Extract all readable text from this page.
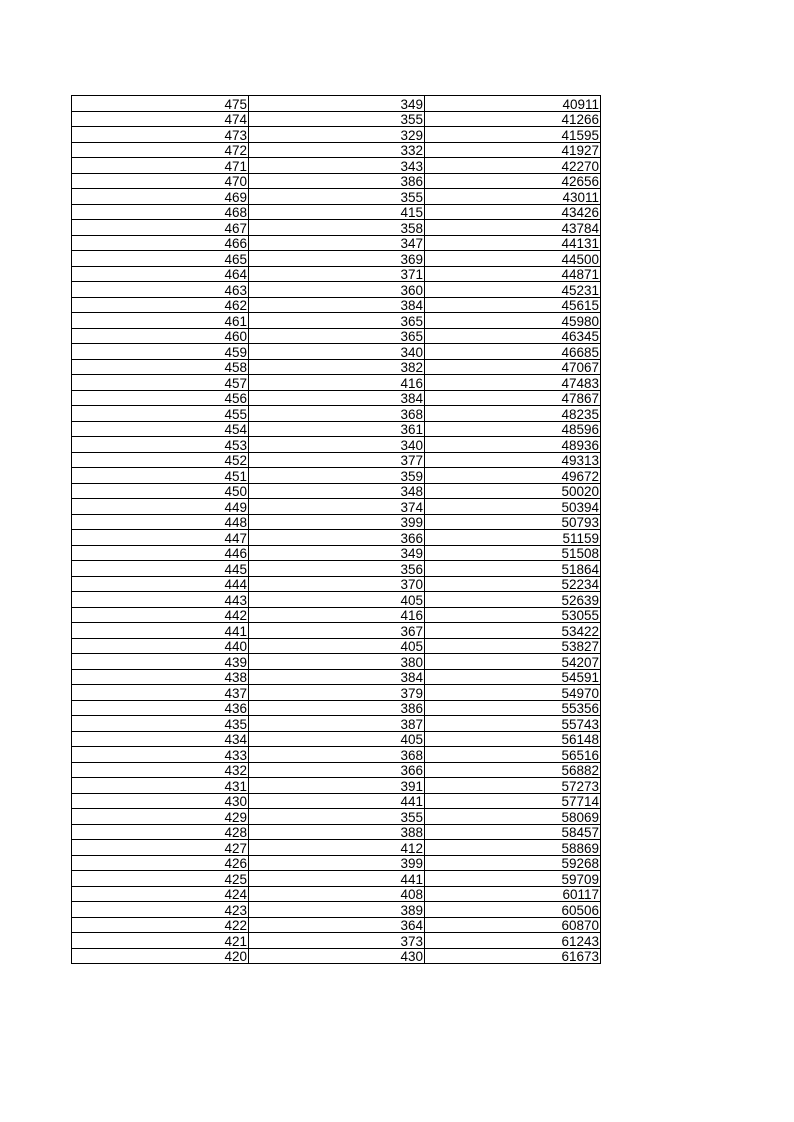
475	349	40911
474	355	41266
473	329	41595
472	332	41927
471	343	42270
470	386	42656
469	355	43011
468	415	43426
467	358	43784
466	347	44131
465	369	44500
464	371	44871
463	360	45231
462	384	45615
461	365	45980
460	365	46345
459	340	46685
458	382	47067
457	416	47483
456	384	47867
455	368	48235
454	361	48596
453	340	48936
452	377	49313
451	359	49672
450	348	50020
449	374	50394
448	399	50793
447	366	51159
446	349	51508
445	356	51864
444	370	52234
443	405	52639
442	416	53055
441	367	53422
440	405	53827
439	380	54207
438	384	54591
437	379	54970
436	386	55356
435	387	55743
434	405	56148
433	368	56516
432	366	56882
431	391	57273
430	441	57714
429	355	58069
428	388	58457
427	412	58869
426	399	59268
425	441	59709
424	408	60117
423	389	60506
422	364	60870
421	373	61243
420	430	61673
